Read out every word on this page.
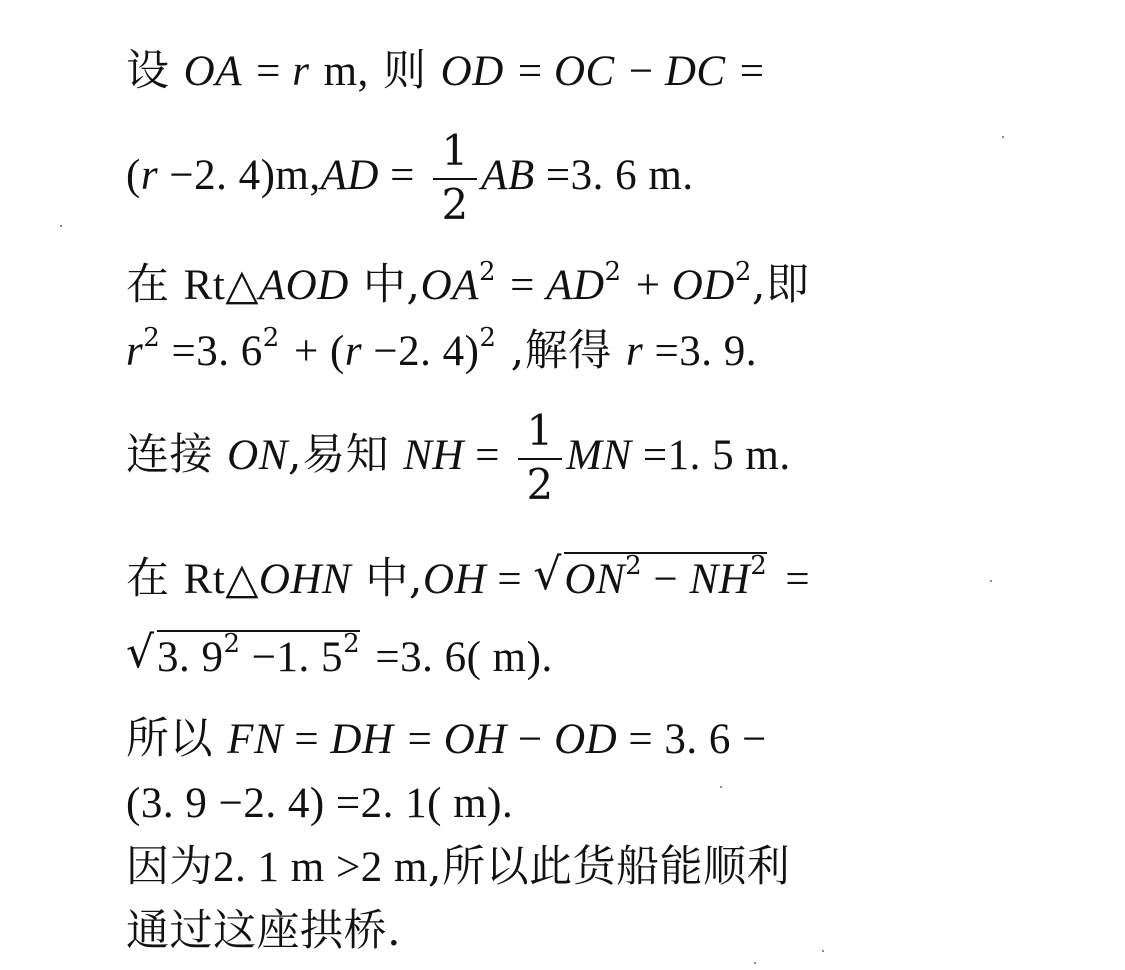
设 OA = r m, 则 OD = OC − DC =
(r −2. $4)m,AD = \frac{1}{2}$ AB =3. 6 m.
在 Rt△AOD 中$,OA^2 = AD^2 + OD^2$,即
$r^2 =3$. $6^2 + (r -2$. 4)$^2$ ,解得 r =3. 9.
连接 ON,易知 NH = $\frac{1}{2}$ MN =1. 5 m.
在 Rt△OHN 中,OH = √ $ON^2 - NH^2$ =
√ 3. $9^2 -1$. $5^2 =3$. 6( m).
所以 FN = DH = OH − OD = 3. 6 −
(3. 9 −2. 4) =2. 1( m).
因为2. 1 m >2 m,所以此货船能顺利
通过这座拱桥.
